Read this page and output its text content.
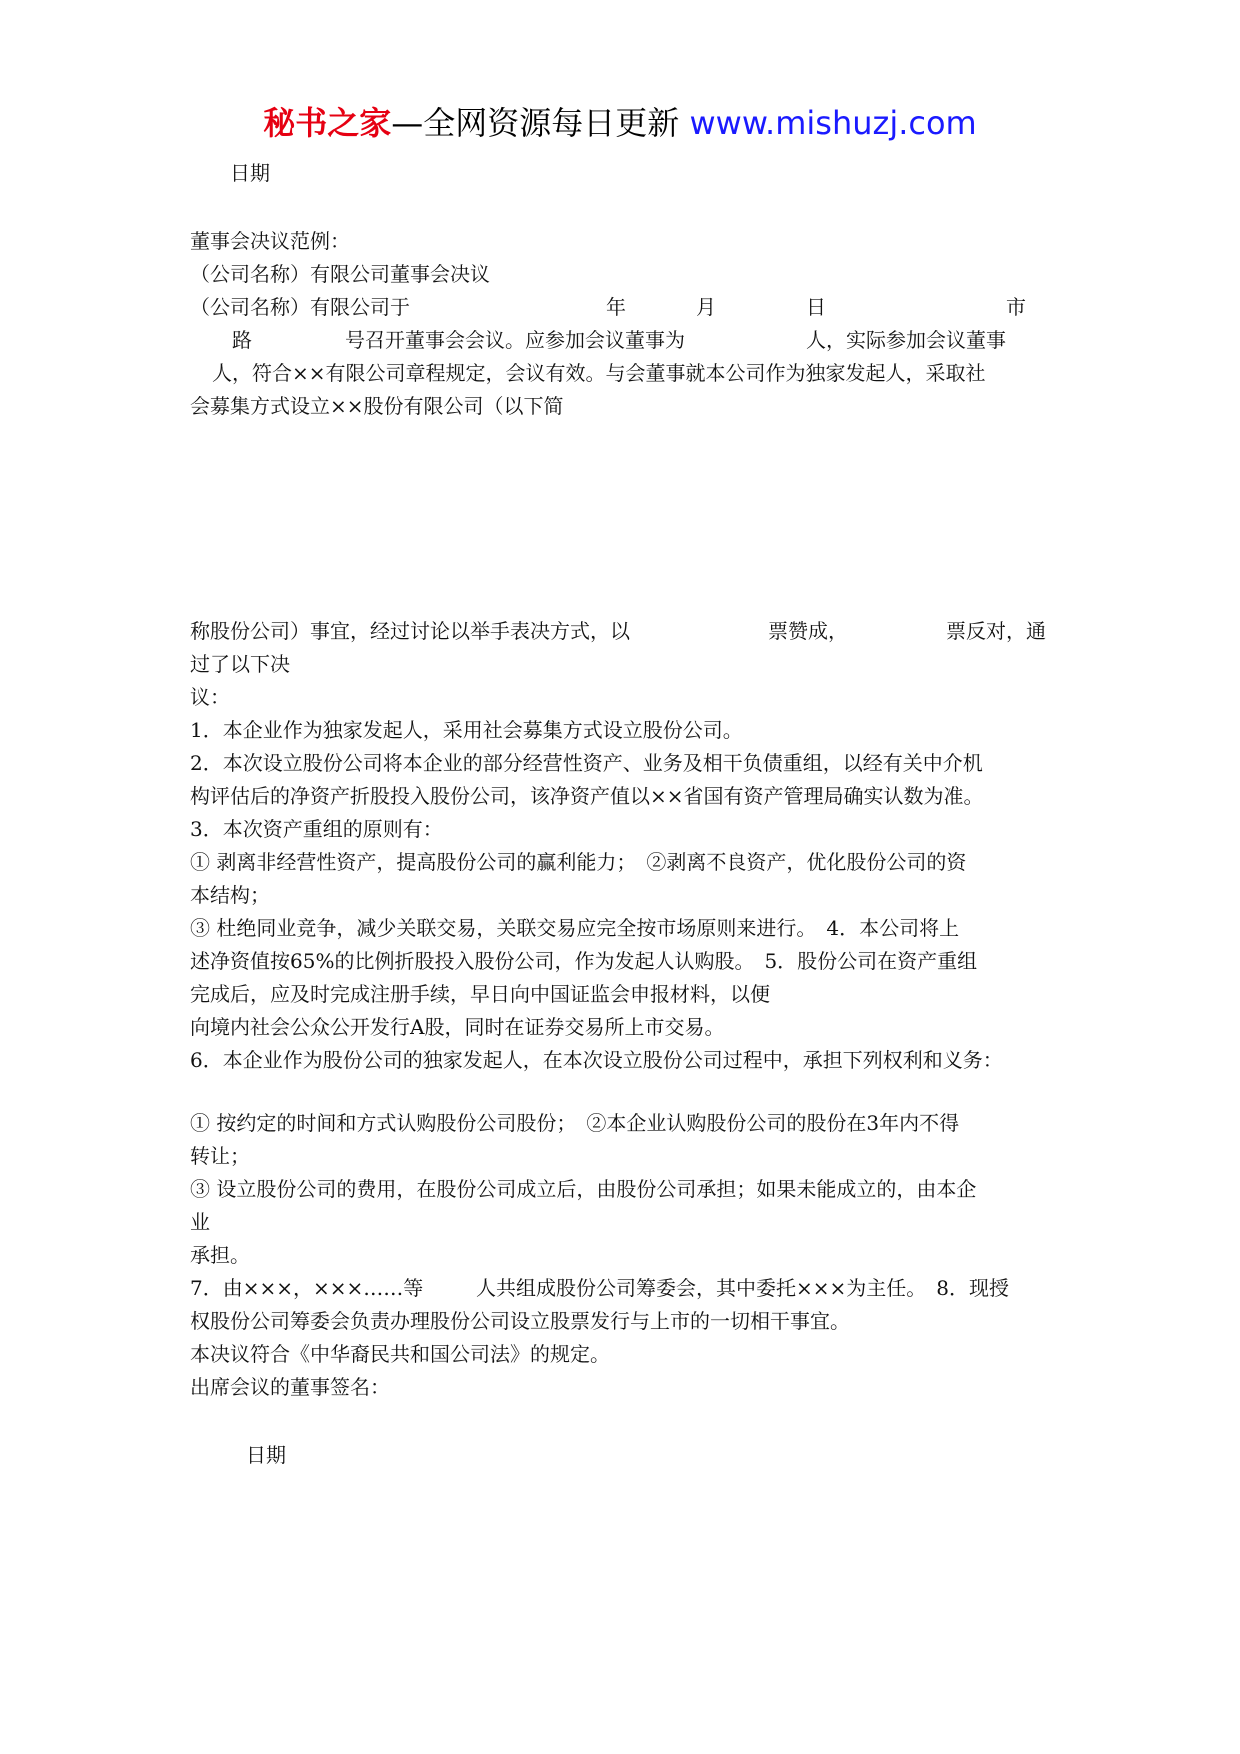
秘书之家—全网资源每日更新 www.mishuzj.com
日期
董事会决议范例：
（公司名称）有限公司董事会决议
（公司名称）有限公司于	年	月	日	市
路	号召开董事会会议。应参加会议董事为	人，实际参加会议董事
人，符合××有限公司章程规定，会议有效。与会董事就本公司作为独家发起人，采取社
会募集方式设立××股份有限公司（以下简
称股份公司）事宜，经过讨论以举手表决方式，以	票赞成，	票反对，通
过了以下决
议：
1．本企业作为独家发起人，采用社会募集方式设立股份公司。
2．本次设立股份公司将本企业的部分经营性资产、业务及相干负债重组，以经有关中介机
构评估后的净资产折股投入股份公司，该净资产值以××省国有资产管理局确实认数为准。
3．本次资产重组的原则有：
① 剥离非经营性资产，提高股份公司的赢利能力；　②剥离不良资产，优化股份公司的资
本结构；
③ 杜绝同业竞争，减少关联交易，关联交易应完全按市场原则来进行。　4．本公司将上
述净资值按65%的比例折股投入股份公司，作为发起人认购股。　5．股份公司在资产重组
完成后，应及时完成注册手续，早日向中国证监会申报材料，以便
向境内社会公众公开发行A股，同时在证券交易所上市交易。
6．本企业作为股份公司的独家发起人，在本次设立股份公司过程中，承担下列权利和义务：
① 按约定的时间和方式认购股份公司股份；　②本企业认购股份公司的股份在3年内不得
转让；
③ 设立股份公司的费用，在股份公司成立后，由股份公司承担；如果未能成立的，由本企
业
承担。
7．由×××，×××……等	人共组成股份公司筹委会，其中委托×××为主任。　8．现授
权股份公司筹委会负责办理股份公司设立股票发行与上市的一切相干事宜。
本决议符合《中华裔民共和国公司法》的规定。
出席会议的董事签名：
日期
